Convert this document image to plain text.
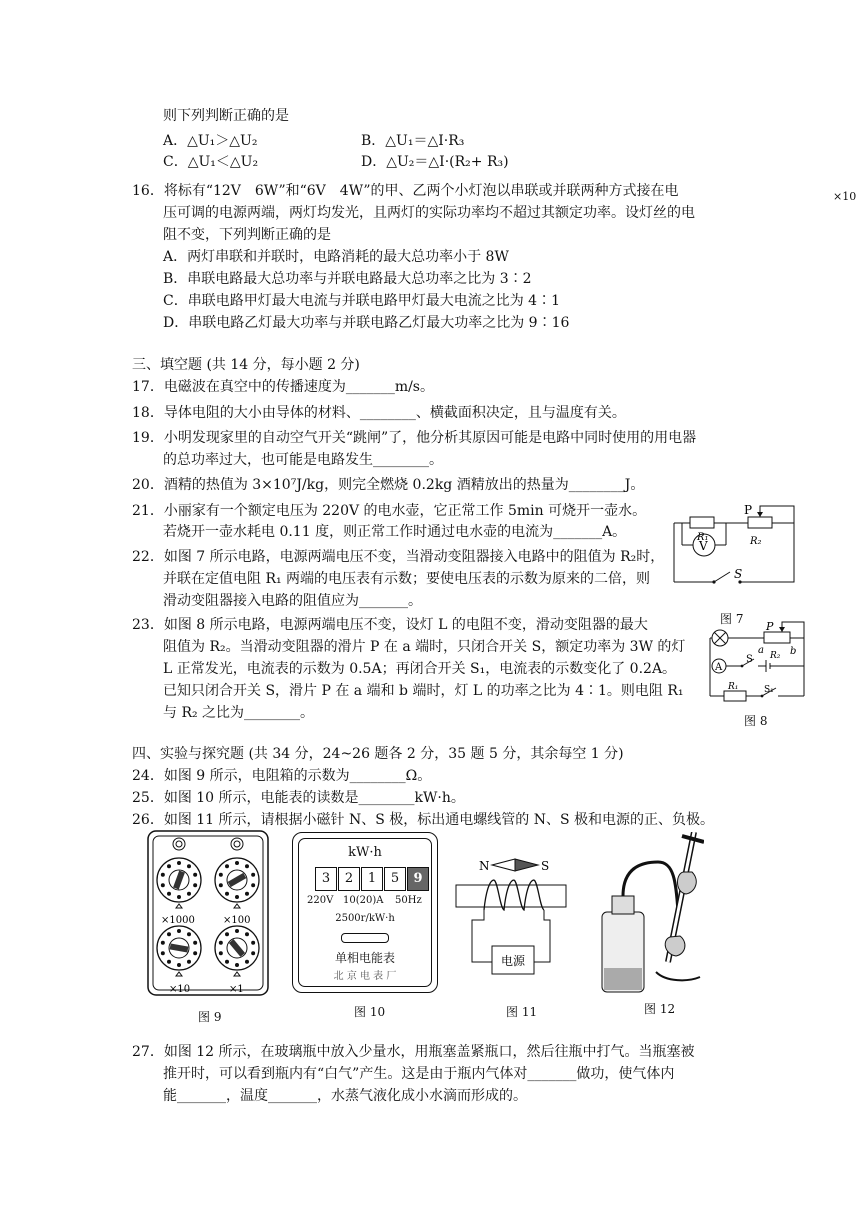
则下列判断正确的是
A．△U₁＞△U₂	B．△U₁＝△I·R₃
C．△U₁＜△U₂	D．△U₂＝△I·(R₂+ R₃)
16．将标有“12V　6W”和“6V　4W”的甲、乙两个小灯泡以串联或并联两种方式接在电	×10
压可调的电源两端，两灯均发光，且两灯的实际功率均不超过其额定功率。设灯丝的电
阻不变，下列判断正确的是
A．两灯串联和并联时，电路消耗的最大总功率小于 8W
B．串联电路最大总功率与并联电路最大总功率之比为 3∶2
C．串联电路甲灯最大电流与并联电路甲灯最大电流之比为 4∶1
D．串联电路乙灯最大功率与并联电路乙灯最大功率之比为 9∶16
三、填空题 (共 14 分，每小题 2 分)
17．电磁波在真空中的传播速度为_______m/s。
18．导体电阻的大小由导体的材料、________、横截面积决定，且与温度有关。
19．小明发现家里的自动空气开关“跳闸”了，他分析其原因可能是电路中同时使用的用电器
的总功率过大，也可能是电路发生________。
20．酒精的热值为 3×10⁷J/kg，则完全燃烧 0.2kg 酒精放出的热量为________J。
21．小丽家有一个额定电压为 220V 的电水壶，它正常工作 5min 可烧开一壶水。
若烧开一壶水耗电 0.11 度，则正常工作时通过电水壶的电流为_______A。
22．如图 7 所示电路，电源两端电压不变，当滑动变阻器接入电路中的阻值为 R₂时，
并联在定值电阻 R₁ 两端的电压表有示数；要使电压表的示数为原来的二倍，则
滑动变阻器接入电路的阻值应为_______。
23．如图 8 所示电路，电源两端电压不变，设灯 L 的电阻不变，滑动变阻器的最大
阻值为 R₂。当滑动变阻器的滑片 P 在 a 端时，只闭合开关 S，额定功率为 3W 的灯
L 正常发光，电流表的示数为 0.5A；再闭合开关 S₁，电流表的示数变化了 0.2A。
已知只闭合开关 S，滑片 P 在 a 端和 b 端时，灯 L 的功率之比为 4∶1。则电阻 R₁
与 R₂ 之比为________。
四、实验与探究题 (共 34 分，24~26 题各 2 分，35 题 5 分，其余每空 1 分)
24．如图 9 所示，电阻箱的示数为________Ω。
25．如图 10 所示，电能表的读数是________kW·h。
26．如图 11 所示，请根据小磁针 N、S 极，标出通电螺线管的 N、S 极和电源的正、负极。
27．如图 12 所示，在玻璃瓶中放入少量水，用瓶塞盖紧瓶口，然后往瓶中打气。当瓶塞被
推开时，可以看到瓶内有“白气”产生。这是由于瓶内气体对_______做功，使气体内
能_______，温度_______，水蒸气液化成小水滴而形成的。
P
R₁	R₂
V
S
图 7
P
a	b
R₂
A
S
R₁	S₁
图 8
×1000	×100
×10	×1
图 9
kW·h
3	2	1	5	9
220V 10(20)A 50Hz
2500r/kW·h
单相电能表
北 京 电 表 厂
图 10
N	S
电源
图 11	图 12
